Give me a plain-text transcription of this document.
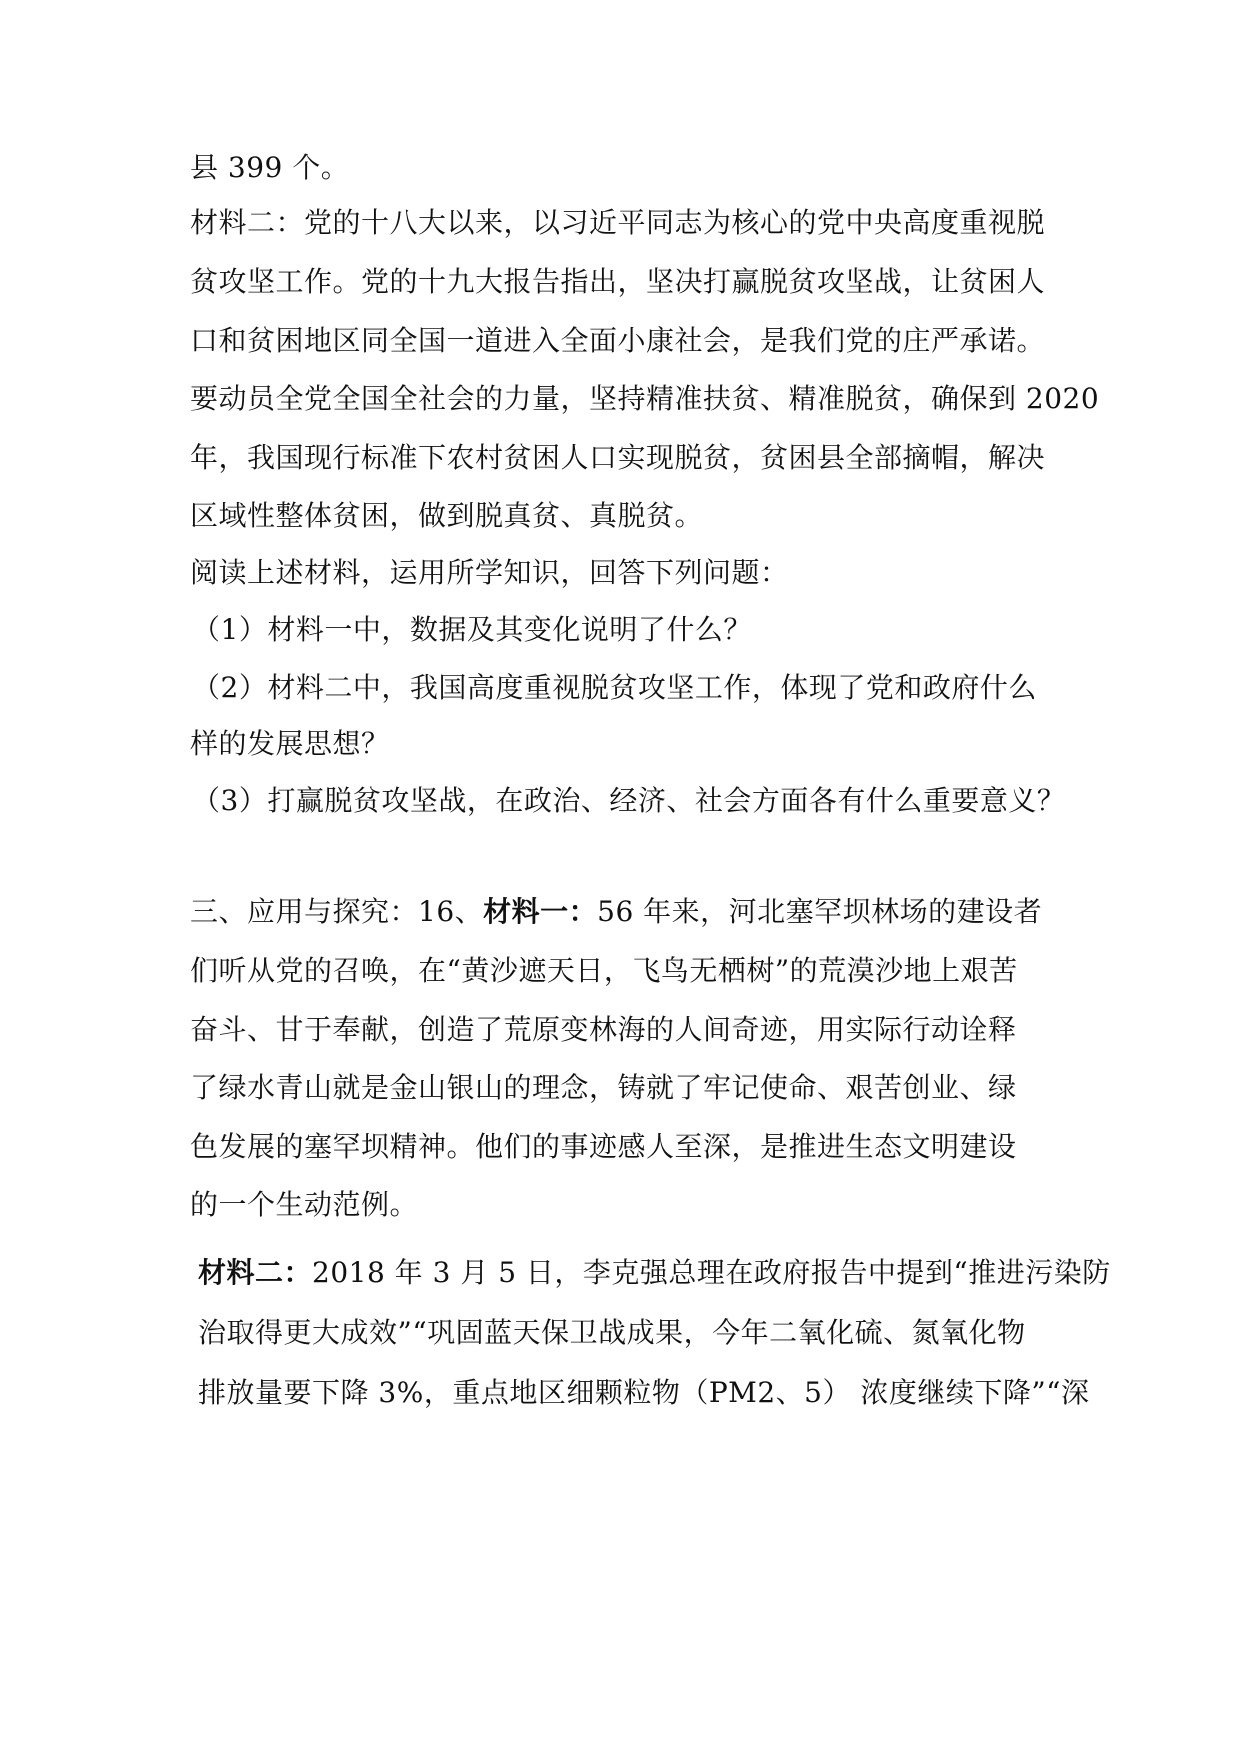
县 399 个。
材料二：党的十八大以来，以习近平同志为核心的党中央高度重视脱
贫攻坚工作。党的十九大报告指出，坚决打赢脱贫攻坚战，让贫困人
口和贫困地区同全国一道进入全面小康社会，是我们党的庄严承诺。
要动员全党全国全社会的力量，坚持精准扶贫、精准脱贫，确保到 2020
年，我国现行标准下农村贫困人口实现脱贫，贫困县全部摘帽，解决
区域性整体贫困，做到脱真贫、真脱贫。
阅读上述材料，运用所学知识，回答下列问题：
（1）材料一中，数据及其变化说明了什么？
（2）材料二中，我国高度重视脱贫攻坚工作，体现了党和政府什么
样的发展思想？
（3）打赢脱贫攻坚战，在政治、经济、社会方面各有什么重要意义？
三、应用与探究：16、材料一：56 年来，河北塞罕坝林场的建设者
们听从党的召唤，在“黄沙遮天日，飞鸟无栖树”的荒漠沙地上艰苦
奋斗、甘于奉献，创造了荒原变林海的人间奇迹，用实际行动诠释
了绿水青山就是金山银山的理念，铸就了牢记使命、艰苦创业、绿
色发展的塞罕坝精神。他们的事迹感人至深，是推进生态文明建设
的一个生动范例。
材料二：2018 年 3 月 5 日，李克强总理在政府报告中提到“推进污染防
治取得更大成效”“巩固蓝天保卫战成果，今年二氧化硫、氮氧化物
排放量要下降 3%，重点地区细颗粒物（PM2、5） 浓度继续下降”“深
